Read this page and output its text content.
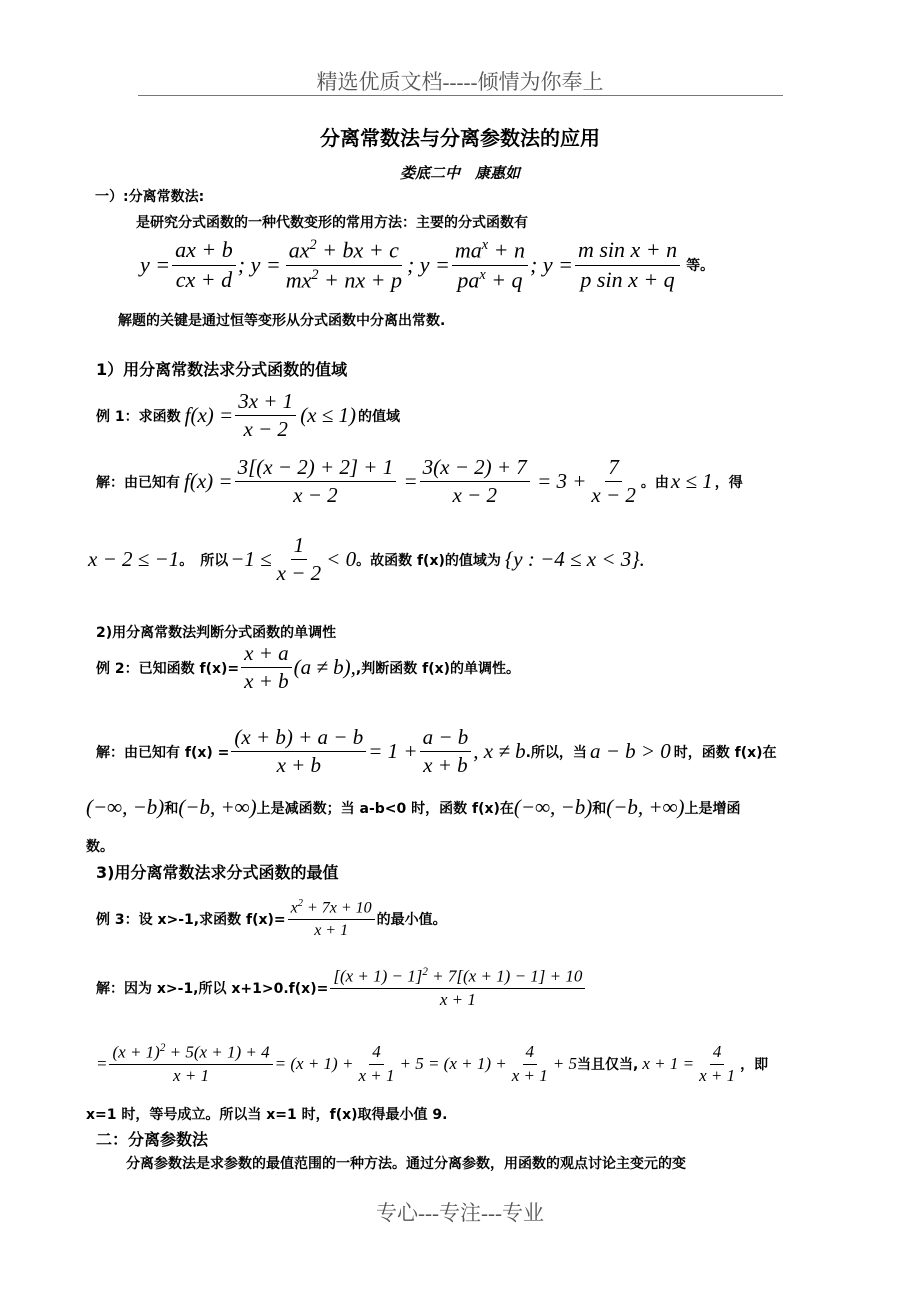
精选优质文档-----倾情为你奉上
分离常数法与分离参数法的应用
娄底二中　康惠如
一）:分离常数法:
是研究分式函数的一种代数变形的常用方法：主要的分式函数有
$y = \frac{ax + b}{cx + d}$ ; $y = \frac{ax^2 + bx + c}{mx^2 + nx + p}$ ; $y = \frac{ma^x + n}{pa^x + q}$ ; $y = \frac{\text{m sin x + n}}{\text{p sin x + q}}$ 等。
解题的关键是通过恒等变形从分式函数中分离出常数.
1）用分离常数法求分式函数的值域
例 1：求函数 $f(x) = \frac{3x + 1}{x - 2} (x \le 1)$ 的值域
解：由已知有 $f(x) = \frac{3[(x - 2) + 2] + 1}{x - 2} = \frac{3(x - 2) + 7}{x - 2} = 3 + \frac{7}{x - 2}$ 。由 x ≤ 1 ，得
x − 2 ≤ −1 。　所以 $-1 \le \frac{1}{x - 2} < 0$ 。故函数 f(x)的值域为 {y : −4 ≤ x < 3}.
2)用分离常数法判断分式函数的单调性
例 2：已知函数 $f(x)= \frac{x + a}{x + b} (a \ne b)$, ,判断函数 f(x)的单调性。
解：由已知有 $f(x) = \frac{(x + b) + a - b}{x + b} = 1 + \frac{a - b}{x + b}$ , x ≠ b .所以，当 a − b > 0 时，函数 f(x)在
(−∞, −b) 和 (−b, +∞) 上是减函数；当 a-b<0 时，函数 f(x)在 (−∞, −b) 和 (−b, +∞) 上是增函
数。
3)用分离常数法求分式函数的最值
例 3：设 x>-1,求函数 $f(x)= \frac{x^2 + 7x + 10}{x + 1}$ 的最小值。
解：因为 x>-1,所以 $x+1>0.f(x)= \frac{[(x + 1) - 1]^2 + 7[(x + 1) - 1] + 10}{x + 1}$
= $\frac{(x + 1)^2 + 5(x + 1) + 4}{x + 1} = (x + 1) + \frac{4}{x + 1} + 5 = (x + 1) + \frac{4}{x + 1} + 5$ 当且仅当, $x + 1 = \frac{4}{x + 1}$ ，即
x=1 时，等号成立。所以当 x=1 时，f(x)取得最小值 9.
二：分离参数法
分离参数法是求参数的最值范围的一种方法。通过分离参数，用函数的观点讨论主变元的变
专心---专注---专业
